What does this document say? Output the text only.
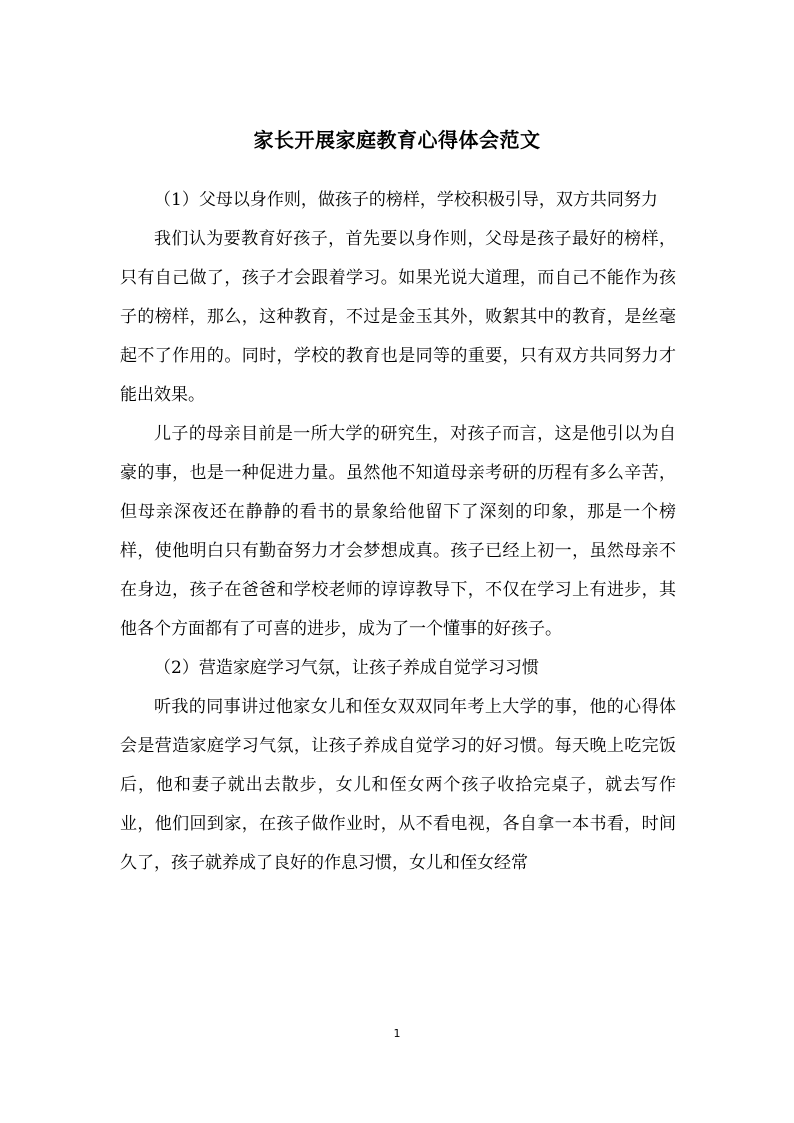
家长开展家庭教育心得体会范文

（1）父母以身作则，做孩子的榜样，学校积极引导，双方共同努力

我们认为要教育好孩子，首先要以身作则，父母是孩子最好的榜样，只有自己做了，孩子才会跟着学习。如果光说大道理，而自己不能作为孩子的榜样，那么，这种教育，不过是金玉其外，败絮其中的教育，是丝毫起不了作用的。同时，学校的教育也是同等的重要，只有双方共同努力才能出效果。

儿子的母亲目前是一所大学的研究生，对孩子而言，这是他引以为自豪的事，也是一种促进力量。虽然他不知道母亲考研的历程有多么辛苦，但母亲深夜还在静静的看书的景象给他留下了深刻的印象，那是一个榜样，使他明白只有勤奋努力才会梦想成真。孩子已经上初一，虽然母亲不在身边，孩子在爸爸和学校老师的谆谆教导下，不仅在学习上有进步，其他各个方面都有了可喜的进步，成为了一个懂事的好孩子。

（2）营造家庭学习气氛，让孩子养成自觉学习习惯

听我的同事讲过他家女儿和侄女双双同年考上大学的事，他的心得体会是营造家庭学习气氛，让孩子养成自觉学习的好习惯。每天晚上吃完饭后，他和妻子就出去散步，女儿和侄女两个孩子收拾完桌子，就去写作业，他们回到家，在孩子做作业时，从不看电视，各自拿一本书看，时间久了，孩子就养成了良好的作息习惯，女儿和侄女经常

1
